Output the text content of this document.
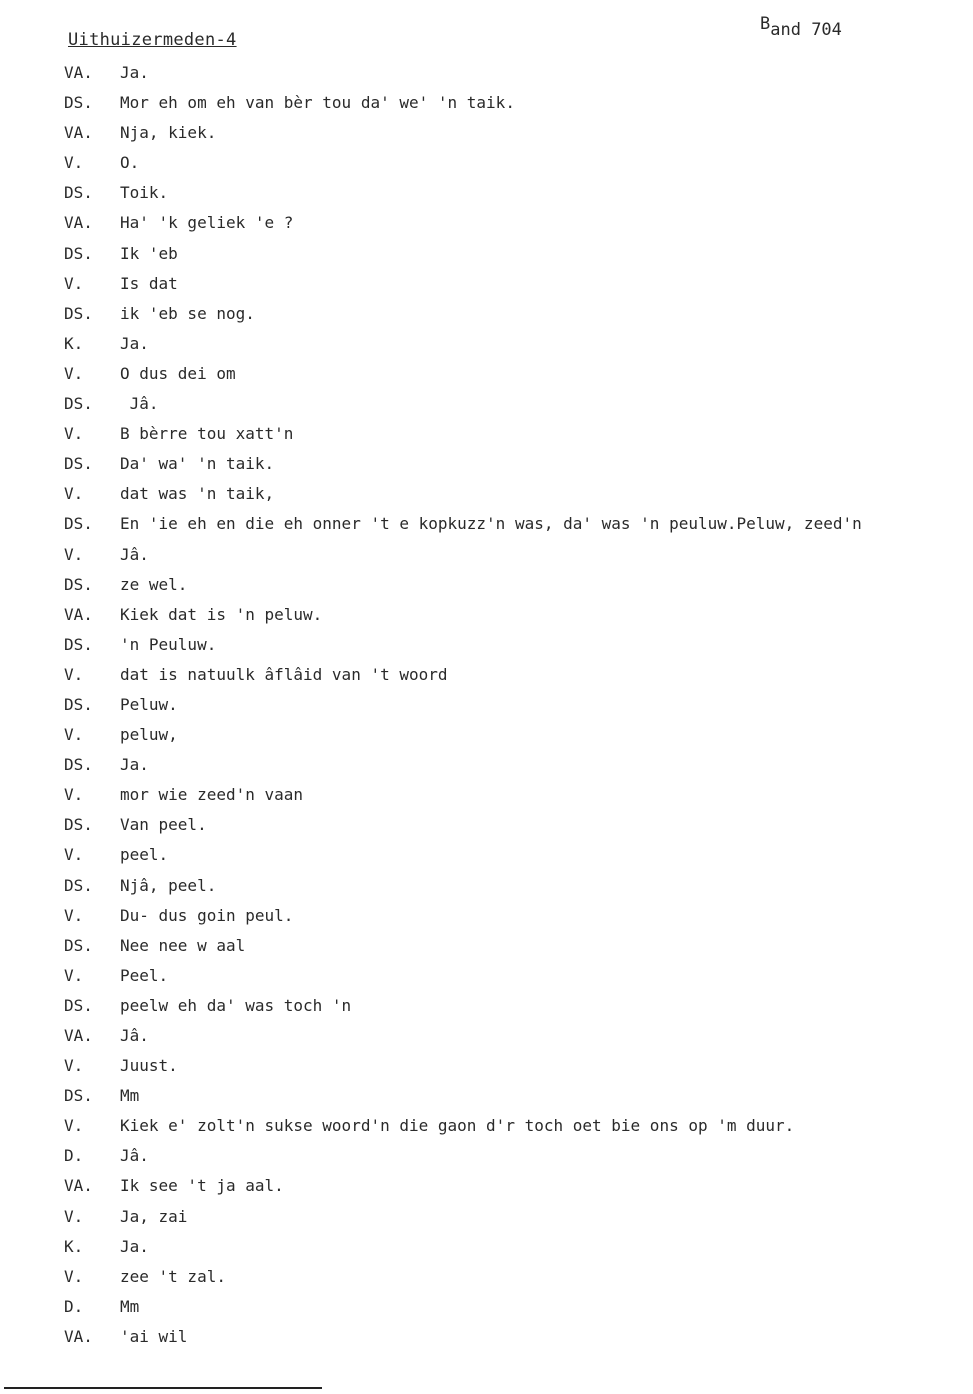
Uithuizermeden-4
Band 704
VA. Ja.
DS. Mor eh om eh van bèr tou da' we' 'n taik.
VA. Nja, kiek.
V. O.
DS. Toik.
VA. Ha' 'k geliek 'e ?
DS. Ik 'eb
V. Is dat
DS. ik 'eb se nog.
K. Ja.
V. O dus dei om
DS. Jâ.
V. B bèrre tou xatt'n
DS. Da' wa' 'n taik.
V. dat was 'n taik,
DS. En 'ie eh en die eh onner 't e kopkuzz'n was, da' was 'n peuluw.Peluw, zeed'n
V. Jâ.
DS. ze wel.
VA. Kiek dat is 'n peluw.
DS. 'n Peuluw.
V. dat is natuulk âflâid van 't woord
DS. Peluw.
V. peluw,
DS. Ja.
V. mor wie zeed'n vaan
DS. Van peel.
V. peel.
DS. Njâ, peel.
V. Du- dus goin peul.
DS. Nee nee w aal
V. Peel.
DS. peelw eh da' was toch 'n
VA. Jâ.
V. Juust.
DS. Mm
V. Kiek e' zolt'n sukse woord'n die gaon d'r toch oet bie ons op 'm duur.
D. Jâ.
VA. Ik see 't ja aal.
V. Ja, zai
K. Ja.
V. zee 't zal.
D. Mm
VA. 'ai wil
